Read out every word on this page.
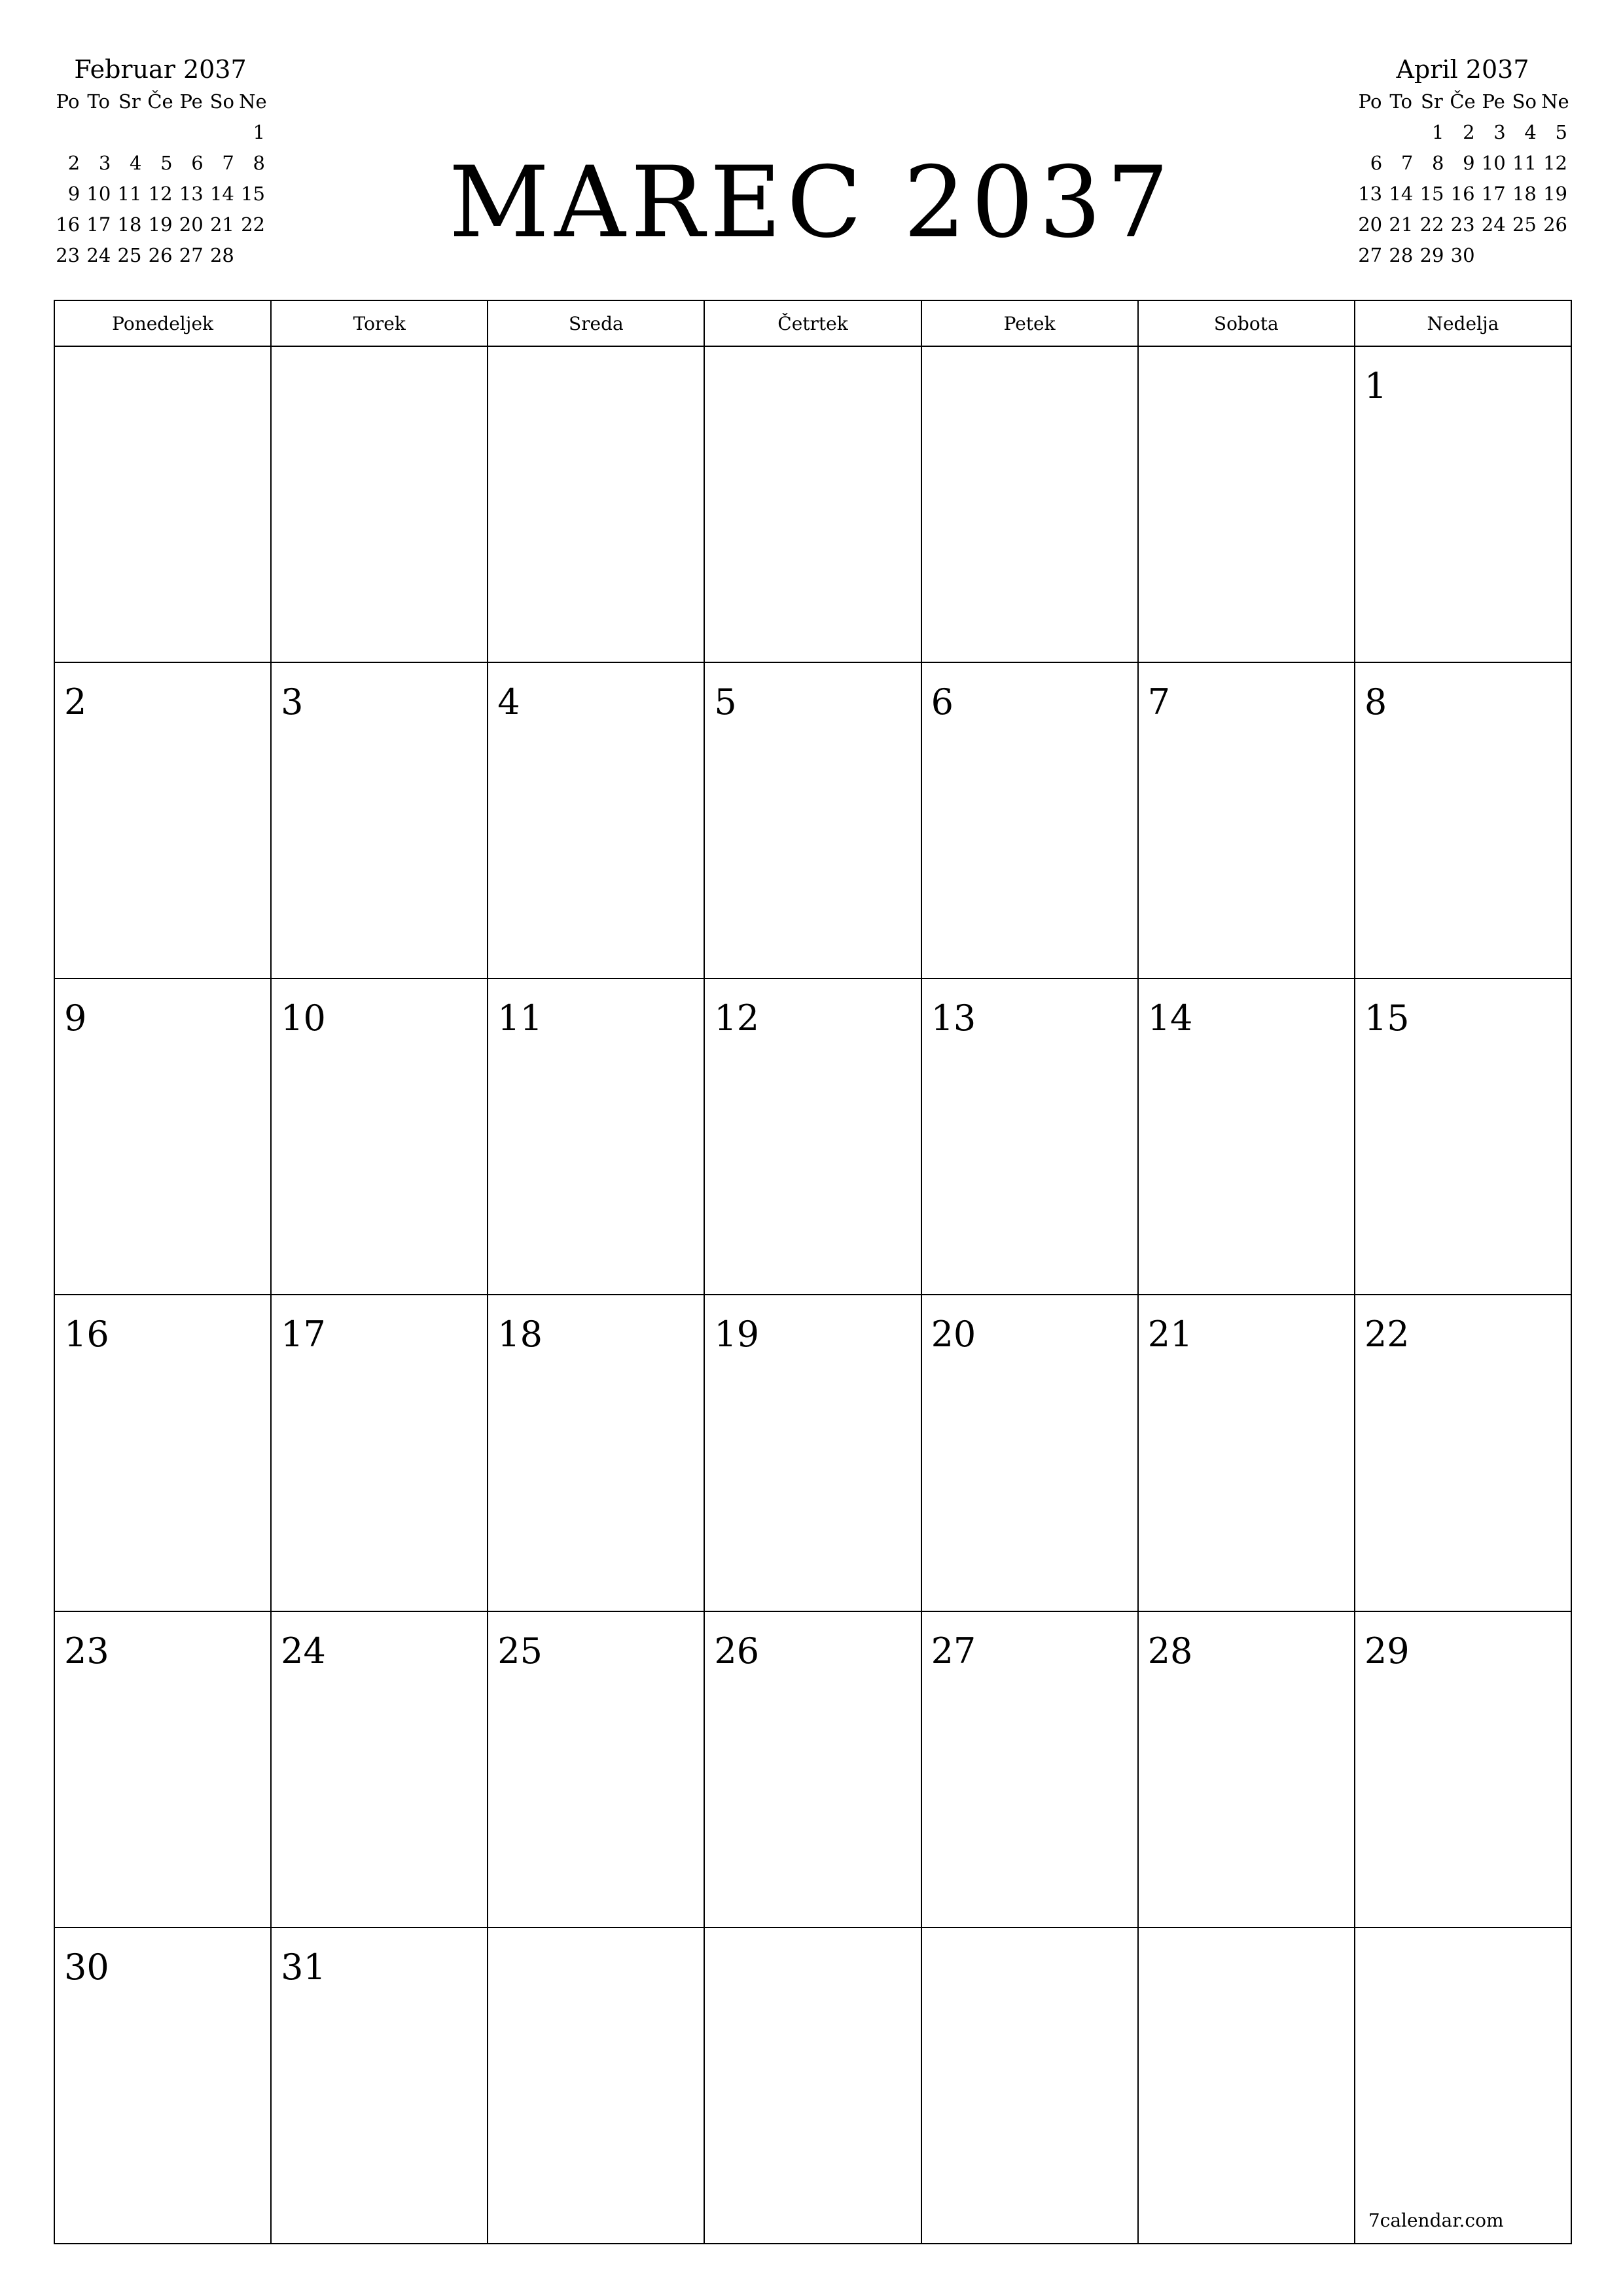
Februar 2037
Po	To	Sr	Če	Pe	So	Ne
						1
2	3	4	5	6	7	8
9	10	11	12	13	14	15
16	17	18	19	20	21	22
23	24	25	26	27	28		MAREC 2037
April 2037
Po	To	Sr	Če	Pe	So	Ne
		1	2	3	4	5
6	7	8	9	10	11	12
13	14	15	16	17	18	19
20	21	22	23	24	25	26
27	28	29	30			
Ponedeljek	Torek	Sreda	Četrtek	Petek	Sobota	Nedelja

						1

2	3	4	5	6	7	8

9	10	11	12	13	14	15

16	17	18	19	20	21	22

23	24	25	26	27	28	29

30	31					7calendar.com
